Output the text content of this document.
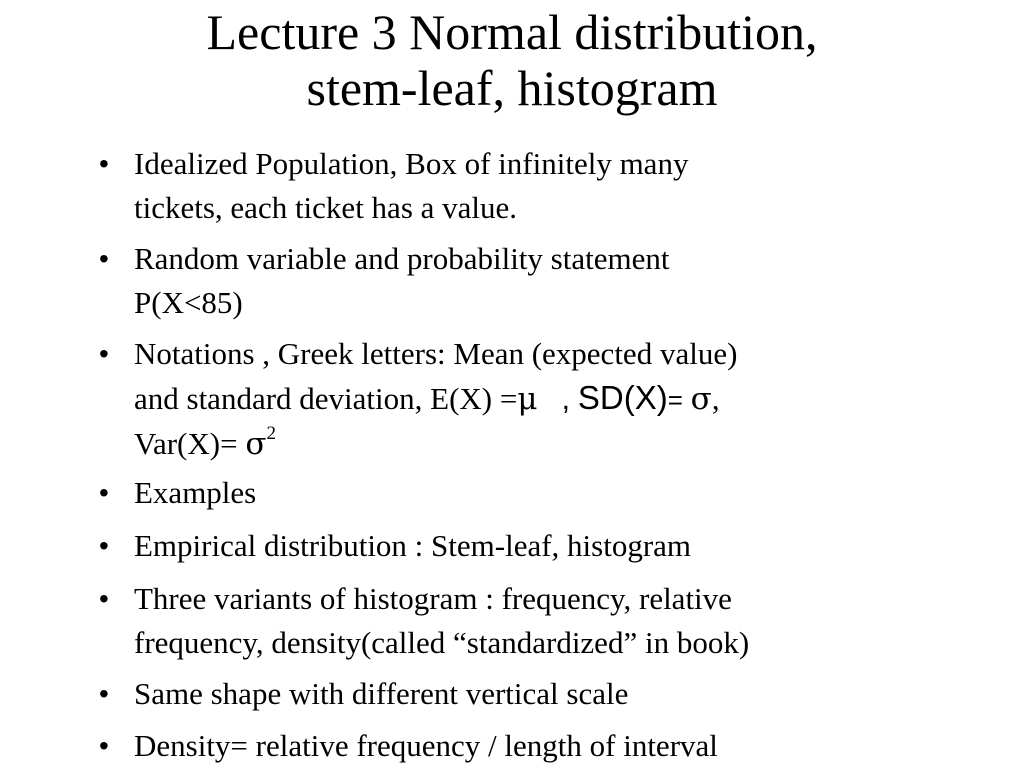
Lecture 3 Normal distribution,
stem-leaf, histogram
• Idealized Population, Box of infinitely many
tickets, each ticket has a value.
• Random variable and probability statement
P(X<85)
• Notations , Greek letters: Mean (expected value)
and standard deviation, E(X) =μ , SD(X)= σ,
$Var(X)= \sigma^2$
• Examples
• Empirical distribution : Stem-leaf, histogram
• Three variants of histogram : frequency, relative
frequency, density(called “standardized” in book)
• Same shape with different vertical scale
• Density= relative frequency / length of interval
